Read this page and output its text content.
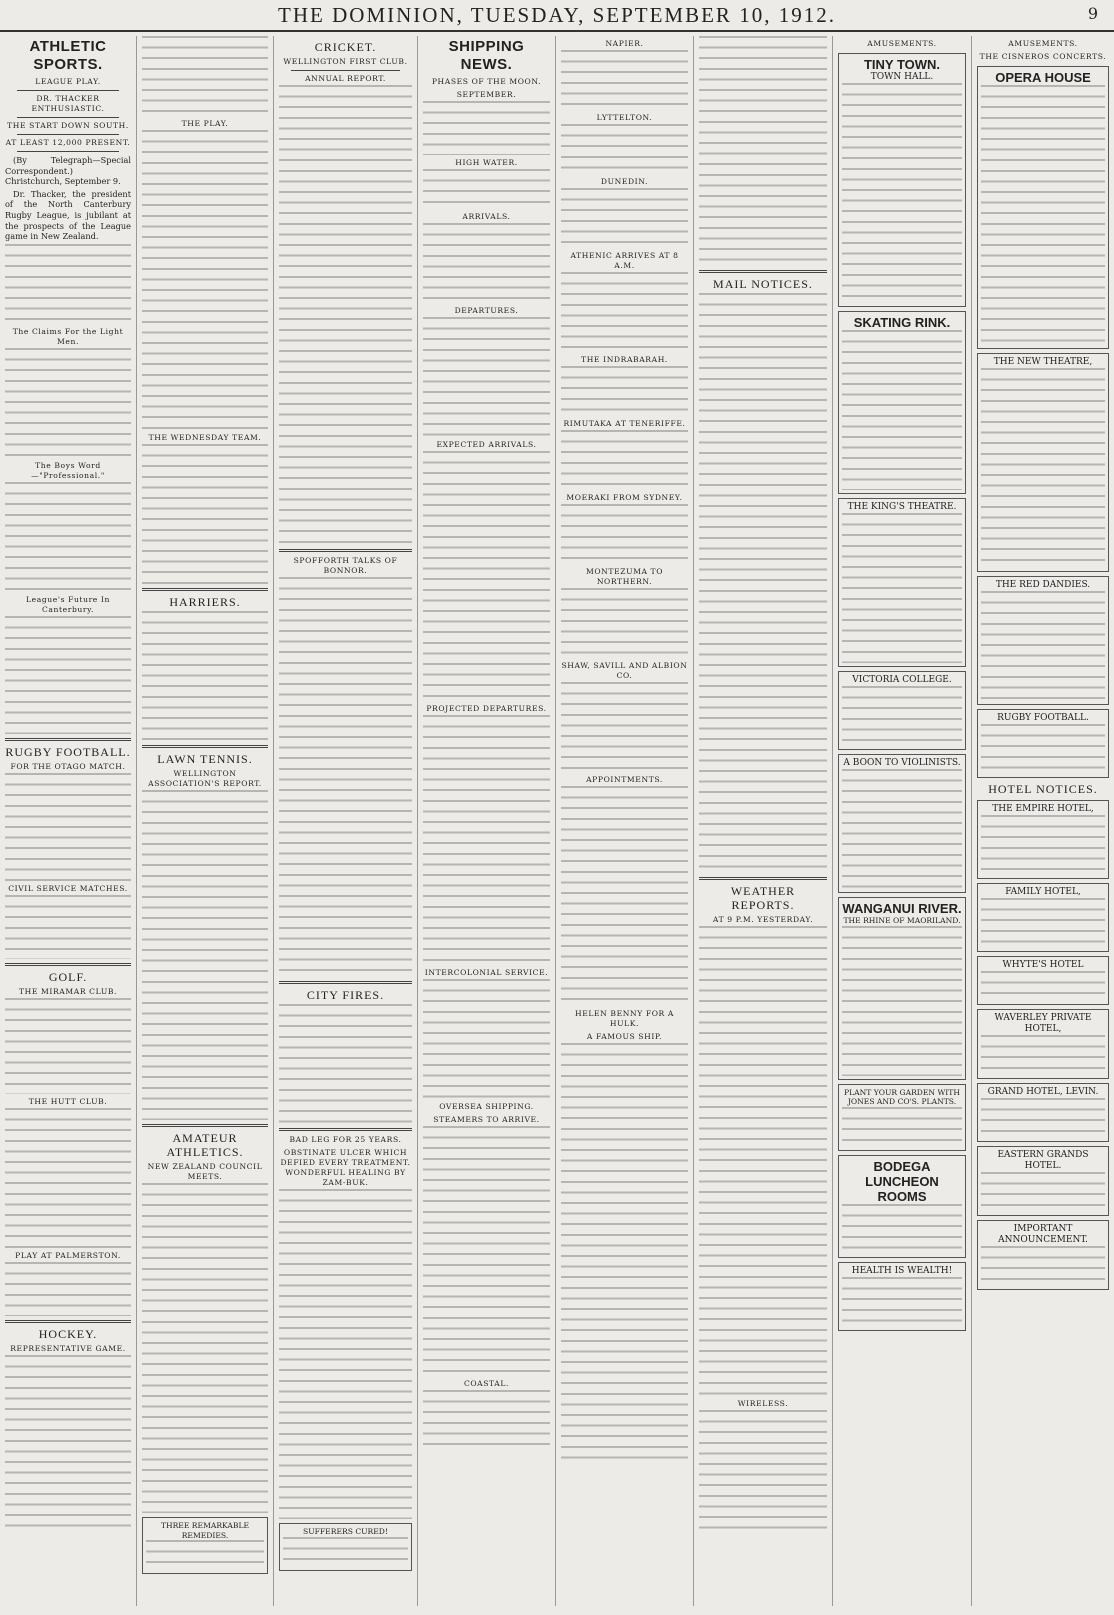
THE DOMINION, TUESDAY, SEPTEMBER 10, 1912.	9
ATHLETIC SPORTS.
LEAGUE PLAY.
DR. THACKER ENTHUSIASTIC.
THE START DOWN SOUTH.
AT LEAST 12,000 PRESENT.
(By Telegraph—Special Correspondent.) Christchurch, September 9.
Dr. Thacker, the president of the North Canterbury Rugby League, is jubilant at the prospects of the League game in New Zealand.
The Claims For the Light Men.
The Boys Word—"Professional."
League's Future In Canterbury.
RUGBY FOOTBALL.
FOR THE OTAGO MATCH.
CIVIL SERVICE MATCHES.
GOLF.
THE MIRAMAR CLUB.
THE HUTT CLUB.
PLAY AT PALMERSTON.
HOCKEY.
REPRESENTATIVE GAME.
THE PLAY.
THE WEDNESDAY TEAM.
HARRIERS.
LAWN TENNIS.
WELLINGTON ASSOCIATION'S REPORT.
AMATEUR ATHLETICS.
NEW ZEALAND COUNCIL MEETS.
THREE REMARKABLE REMEDIES.
CRICKET.
WELLINGTON FIRST CLUB.
ANNUAL REPORT.
SPOFFORTH TALKS OF BONNOR.
CITY FIRES.
BAD LEG FOR 25 YEARS.
OBSTINATE ULCER WHICH DEFIED EVERY TREATMENT. WONDERFUL HEALING BY ZAM-BUK.
SUFFERERS CURED!
SHIPPING NEWS.
PHASES OF THE MOON.
SEPTEMBER.
HIGH WATER.
ARRIVALS.
DEPARTURES.
EXPECTED ARRIVALS.
PROJECTED DEPARTURES.
INTERCOLONIAL SERVICE.
OVERSEA SHIPPING.
STEAMERS TO ARRIVE.
COASTAL.
NAPIER.
LYTTELTON.
DUNEDIN.
ATHENIC ARRIVES AT 8 A.M.
THE INDRABARAH.
RIMUTAKA AT TENERIFFE.
MOERAKI FROM SYDNEY.
MONTEZUMA TO NORTHERN.
SHAW, SAVILL AND ALBION CO.
APPOINTMENTS.
HELEN BENNY FOR A HULK.
A FAMOUS SHIP.
MAIL NOTICES.
WEATHER REPORTS.
AT 9 P.M. YESTERDAY.
WIRELESS.
AMUSEMENTS.
TINY TOWN.
TOWN HALL.
SKATING RINK.
THE KING'S THEATRE.
VICTORIA COLLEGE.
A BOON TO VIOLINISTS.
WANGANUI RIVER.
THE RHINE OF MAORILAND.
PLANT YOUR GARDEN WITH JONES AND CO'S. PLANTS.
BODEGA LUNCHEON ROOMS
HEALTH IS WEALTH!
AMUSEMENTS.
THE CISNEROS CONCERTS.
OPERA HOUSE
THE NEW THEATRE,
THE RED DANDIES.
RUGBY FOOTBALL.
HOTEL NOTICES.
THE EMPIRE HOTEL,
FAMILY HOTEL,
WHYTE'S HOTEL
WAVERLEY PRIVATE HOTEL,
GRAND HOTEL, LEVIN.
EASTERN GRANDS HOTEL.
IMPORTANT ANNOUNCEMENT.
